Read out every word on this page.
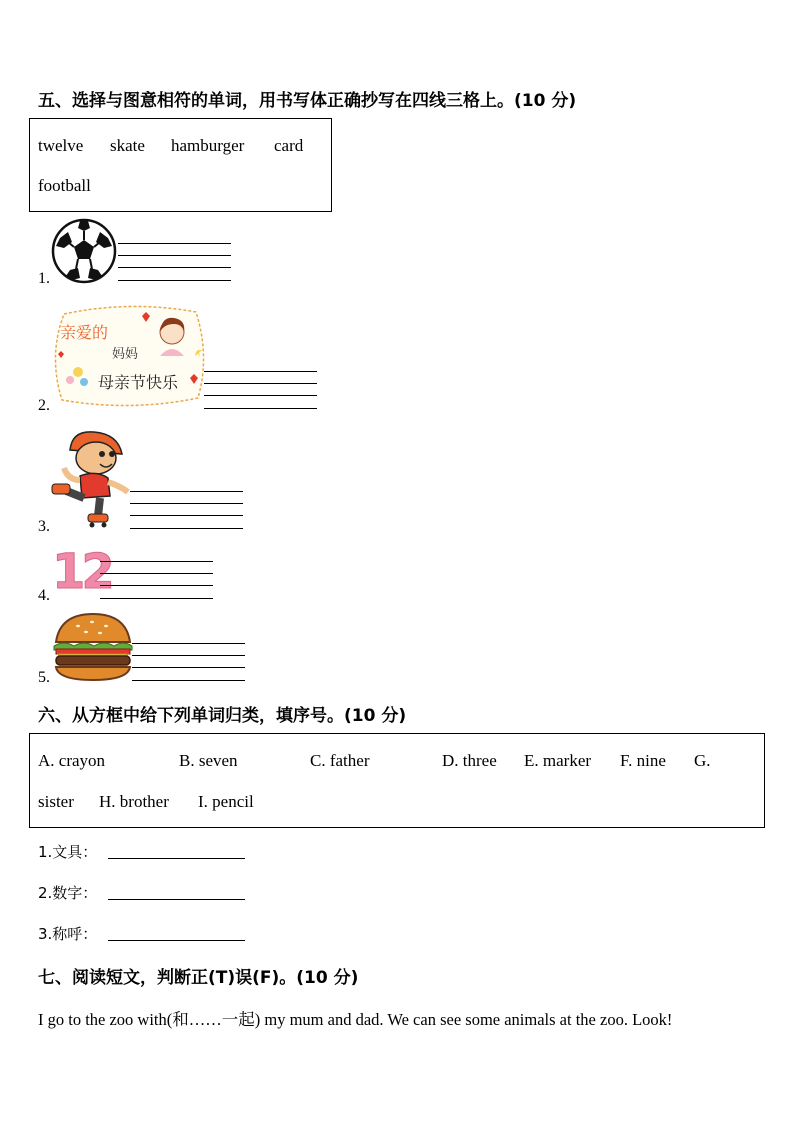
五、选择与图意相符的单词，用书写体正确抄写在四线三格上。(10 分)
twelve skate hamburger card
football
1.
2.
亲爱的
妈妈
母亲节快乐
3.
4. 12
5.
六、从方框中给下列单词归类，填序号。(10 分)
A. crayon	B. seven	C. father	D. three E. marker F. nine G.
sister H. brother I. pencil
1.文具：
2.数字：
3.称呼：
七、阅读短文，判断正(T)误(F)。(10 分)
I go to the zoo with(和……一起) my mum and dad. We can see some animals at the zoo. Look!
